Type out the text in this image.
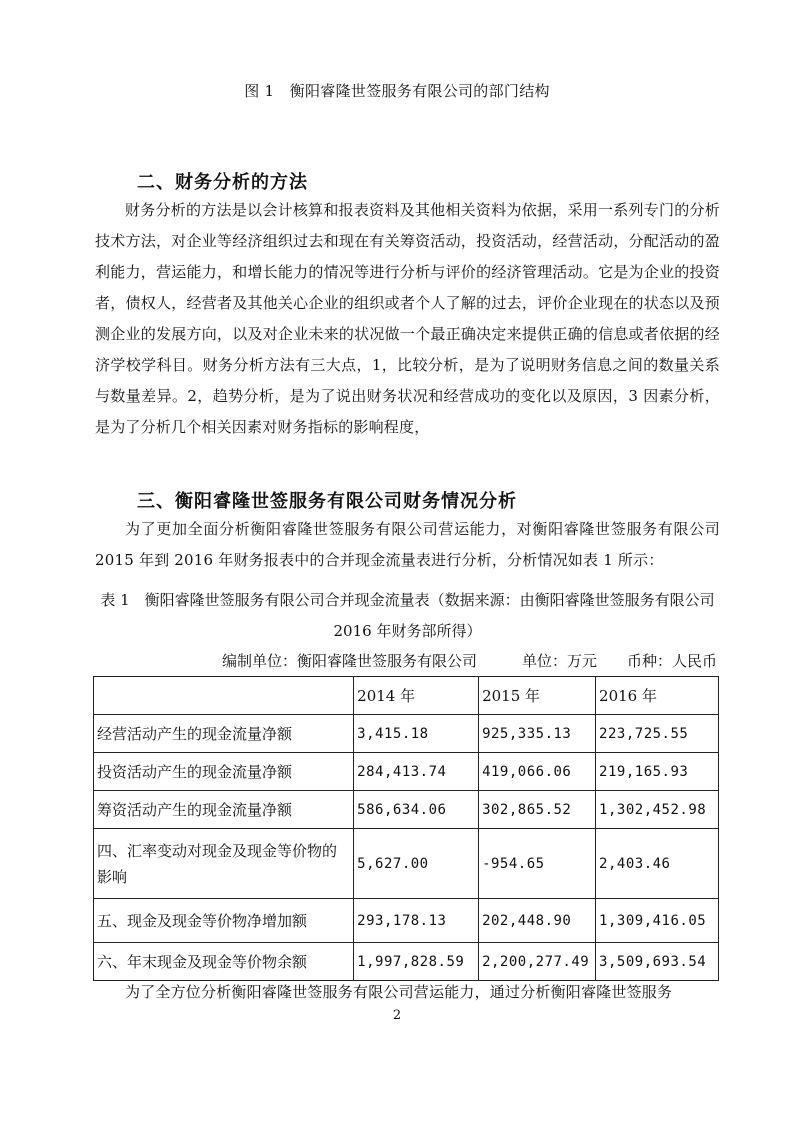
图 1　衡阳睿隆世签服务有限公司的部门结构
二、财务分析的方法

财务分析的方法是以会计核算和报表资料及其他相关资料为依据，采用一系列专门的分析技术方法，对企业等经济组织过去和现在有关筹资活动，投资活动，经营活动，分配活动的盈利能力，营运能力，和增长能力的情况等进行分析与评价的经济管理活动。它是为企业的投资者，债权人，经营者及其他关心企业的组织或者个人了解的过去，评价企业现在的状态以及预测企业的发展方向，以及对企业未来的状况做一个最正确决定来提供正确的信息或者依据的经济学校学科目。财务分析方法有三大点，1，比较分析，是为了说明财务信息之间的数量关系与数量差异。2，趋势分析，是为了说出财务状况和经营成功的变化以及原因，3 因素分析，是为了分析几个相关因素对财务指标的影响程度，

三、衡阳睿隆世签服务有限公司财务情况分析

为了更加全面分析衡阳睿隆世签服务有限公司营运能力，对衡阳睿隆世签服务有限公司 2015 年到 2016 年财务报表中的合并现金流量表进行分析，分析情况如表 1 所示：

表 1　衡阳睿隆世签服务有限公司合并现金流量表（数据来源：由衡阳睿隆世签服务有限公司 2016 年财务部所得）
编制单位：衡阳睿隆世签服务有限公司　　　单位：万元　　币种：人民币
	2014 年	2015 年	2016 年
经营活动产生的现金流量净额	3,415.18	925,335.13	223,725.55
投资活动产生的现金流量净额	284,413.74	419,066.06	219,165.93
筹资活动产生的现金流量净额	586,634.06	302,865.52	1,302,452.98
四、汇率变动对现金及现金等价物的影响	5,627.00	-954.65	2,403.46
五、现金及现金等价物净增加额	293,178.13	202,448.90	1,309,416.05
六、年末现金及现金等价物余额	1,997,828.59	2,200,277.49	3,509,693.54

为了全方位分析衡阳睿隆世签服务有限公司营运能力，通过分析衡阳睿隆世签服务

2
